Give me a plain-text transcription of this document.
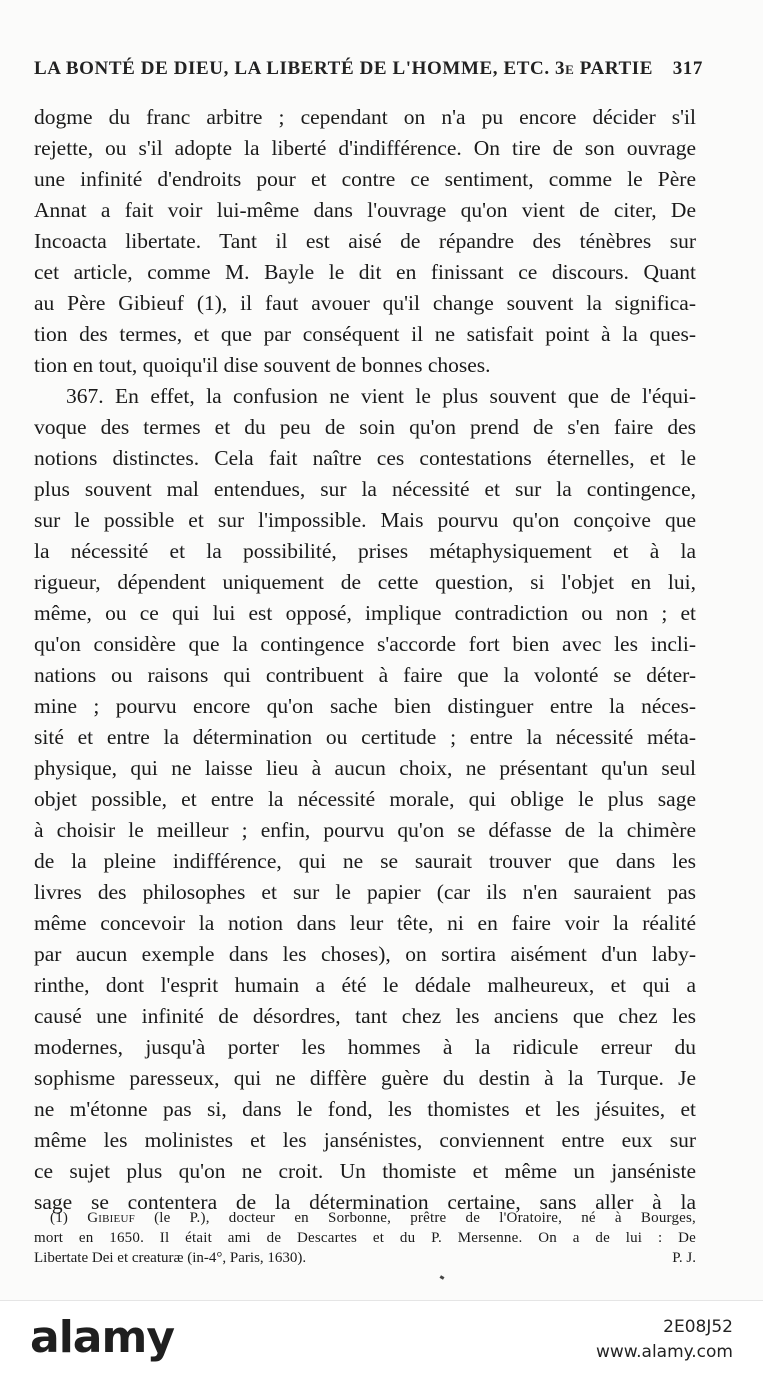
LA BONTÉ DE DIEU, LA LIBERTÉ DE L'HOMME, ETC. 3e PARTIE 317
dogme du franc arbitre ; cependant on n'a pu encore décider s'il
rejette, ou s'il adopte la liberté d'indifférence. On tire de son ouvrage
une infinité d'endroits pour et contre ce sentiment, comme le Père
Annat a fait voir lui-même dans l'ouvrage qu'on vient de citer, De
Incoacta libertate. Tant il est aisé de répandre des ténèbres sur
cet article, comme M. Bayle le dit en finissant ce discours. Quant
au Père Gibieuf (1), il faut avouer qu'il change souvent la significa-
tion des termes, et que par conséquent il ne satisfait point à la ques-
tion en tout, quoiqu'il dise souvent de bonnes choses.
367. En effet, la confusion ne vient le plus souvent que de l'équi-
voque des termes et du peu de soin qu'on prend de s'en faire des
notions distinctes. Cela fait naître ces contestations éternelles, et le
plus souvent mal entendues, sur la nécessité et sur la contingence,
sur le possible et sur l'impossible. Mais pourvu qu'on conçoive que
la nécessité et la possibilité, prises métaphysiquement et à la
rigueur, dépendent uniquement de cette question, si l'objet en lui,
même, ou ce qui lui est opposé, implique contradiction ou non ; et
qu'on considère que la contingence s'accorde fort bien avec les incli-
nations ou raisons qui contribuent à faire que la volonté se déter-
mine ; pourvu encore qu'on sache bien distinguer entre la néces-
sité et entre la détermination ou certitude ; entre la nécessité méta-
physique, qui ne laisse lieu à aucun choix, ne présentant qu'un seul
objet possible, et entre la nécessité morale, qui oblige le plus sage
à choisir le meilleur ; enfin, pourvu qu'on se défasse de la chimère
de la pleine indifférence, qui ne se saurait trouver que dans les
livres des philosophes et sur le papier (car ils n'en sauraient pas
même concevoir la notion dans leur tête, ni en faire voir la réalité
par aucun exemple dans les choses), on sortira aisément d'un laby-
rinthe, dont l'esprit humain a été le dédale malheureux, et qui a
causé une infinité de désordres, tant chez les anciens que chez les
modernes, jusqu'à porter les hommes à la ridicule erreur du
sophisme paresseux, qui ne diffère guère du destin à la Turque. Je
ne m'étonne pas si, dans le fond, les thomistes et les jésuites, et
même les molinistes et les jansénistes, conviennent entre eux sur
ce sujet plus qu'on ne croit. Un thomiste et même un janséniste
sage se contentera de la détermination certaine, sans aller à la
(1) Gibieuf (le P.), docteur en Sorbonne, prêtre de l'Oratoire, né à Bourges,
mort en 1650. Il était ami de Descartes et du P. Mersenne. On a de lui : De
Libertate Dei et creaturæ (in-4°, Paris, 1630).	P. J.
alamy	2E08J52
www.alamy.com
